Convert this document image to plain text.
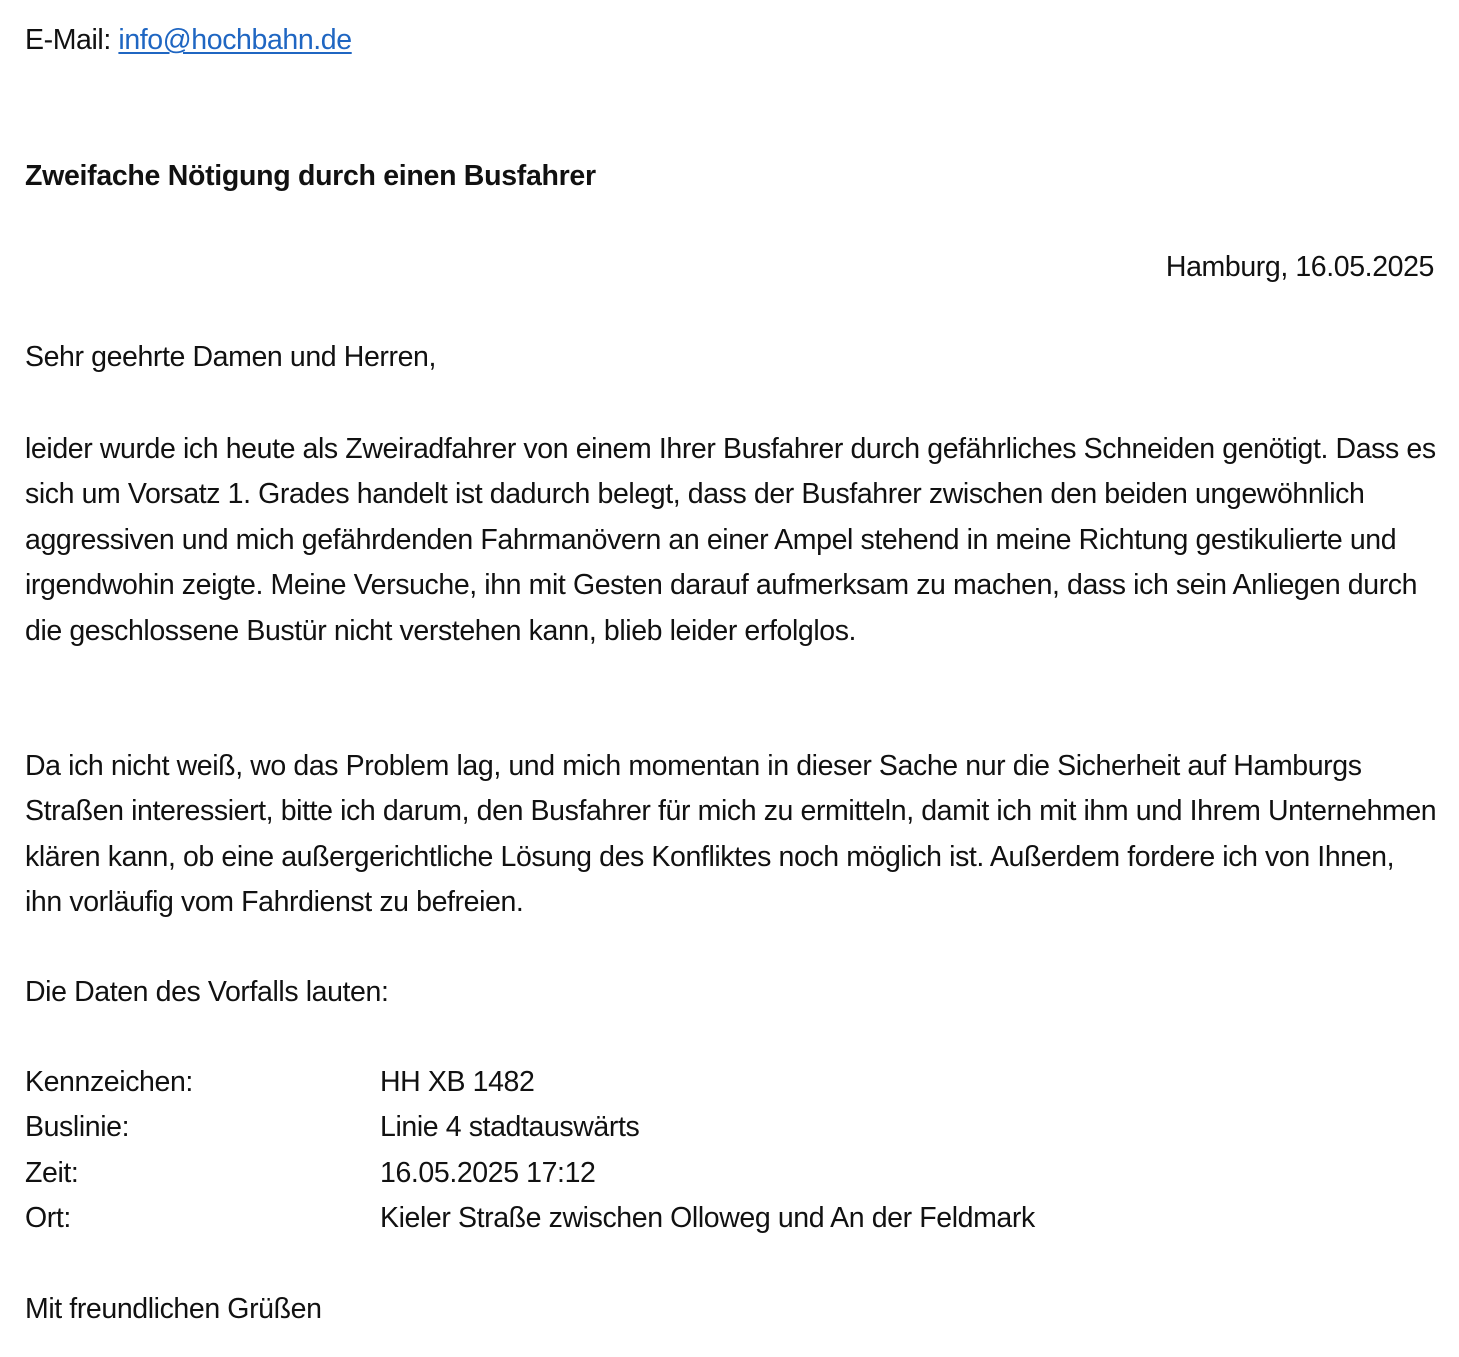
E-Mail: info@hochbahn.de
Zweifache Nötigung durch einen Busfahrer
Hamburg, 16.05.2025
Sehr geehrte Damen und Herren,

leider wurde ich heute als Zweiradfahrer von einem Ihrer Busfahrer durch gefährliches Schneiden genötigt. Dass es sich um Vorsatz 1. Grades handelt ist dadurch belegt, dass der Busfahrer zwischen den beiden ungewöhnlich aggressiven und mich gefährdenden Fahrmanövern an einer Ampel stehend in meine Richtung gestikulierte und irgendwohin zeigte. Meine Versuche, ihn mit Gesten darauf aufmerksam zu machen, dass ich sein Anliegen durch die geschlossene Bustür nicht verstehen kann, blieb leider erfolglos.

Da ich nicht weiß, wo das Problem lag, und mich momentan in dieser Sache nur die Sicherheit auf Hamburgs Straßen interessiert, bitte ich darum, den Busfahrer für mich zu ermitteln, damit ich mit ihm und Ihrem Unternehmen klären kann, ob eine außergerichtliche Lösung des Konfliktes noch möglich ist. Außerdem fordere ich von Ihnen, ihn vorläufig vom Fahrdienst zu befreien.

Die Daten des Vorfalls lauten:
Kennzeichen:	HH XB 1482
Buslinie:	Linie 4 stadtauswärts
Zeit:	16.05.2025 17:12
Ort:	Kieler Straße zwischen Olloweg und An der Feldmark
Mit freundlichen Grüßen
